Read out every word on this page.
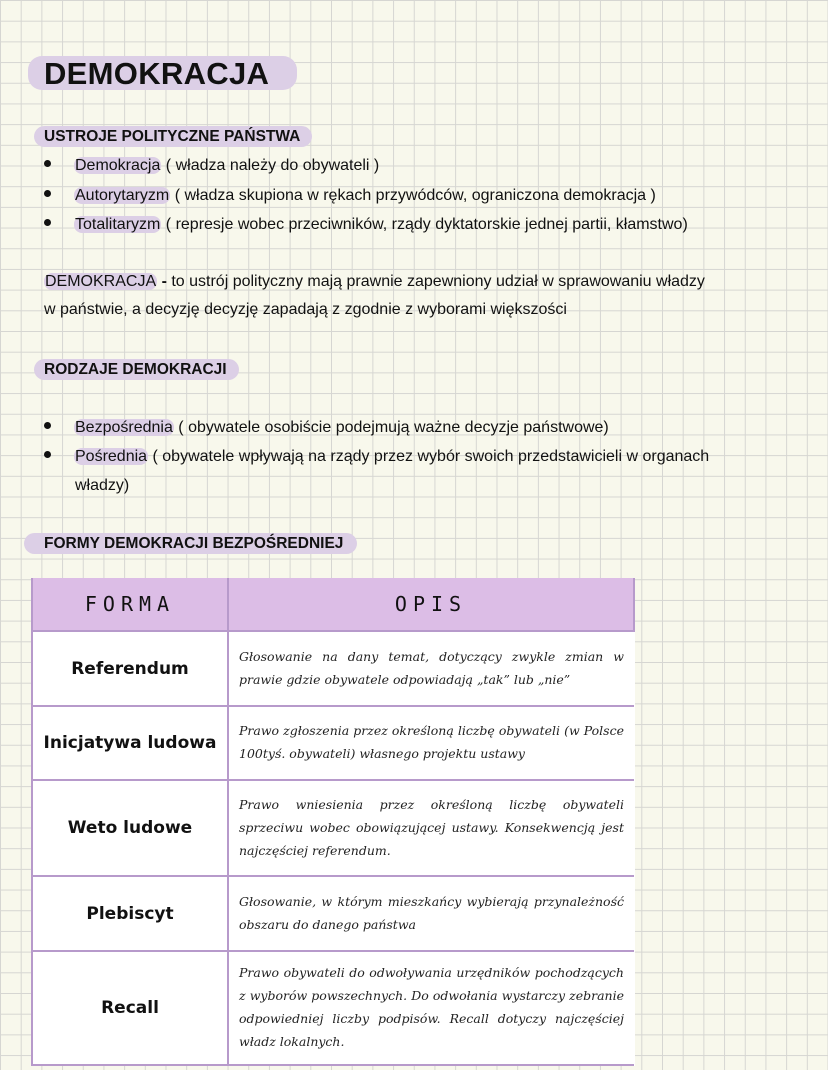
DEMOKRACJA
USTROJE POLITYCZNE PAŃSTWA
Demokracja ( władza należy do obywateli )
Autorytaryzm ( władza skupiona w rękach przywódców, ograniczona demokracja )
Totalitaryzm ( represje wobec przeciwników, rządy dyktatorskie jednej partii, kłamstwo)
DEMOKRACJA - to ustrój polityczny mają prawnie zapewniony udział w sprawowaniu władzy
w państwie, a decyzję decyzję zapadają z zgodnie z wyborami większości
RODZAJE DEMOKRACJI
Bezpośrednia ( obywatele osobiście podejmują ważne decyzje państwowe)
Pośrednia ( obywatele wpływają na rządy przez wybór swoich przedstawicieli w organach
władzy)
FORMY DEMOKRACJI BEZPOŚREDNIEJ
FORMA	OPIS
Referendum	Głosowanie na dany temat, dotyczący zwykle zmian w prawie gdzie obywatele odpowiadają „tak” lub „nie”
Inicjatywa ludowa	Prawo zgłoszenia przez określoną liczbę obywateli (w Polsce 100tyś. obywateli) własnego projektu ustawy
Weto ludowe	Prawo wniesienia przez określoną liczbę obywateli sprzeciwu wobec obowiązującej ustawy. Konsekwencją jest najczęściej referendum.
Plebiscyt	Głosowanie, w którym mieszkańcy wybierają przynależność obszaru do danego państwa
Recall	Prawo obywateli do odwoływania urzędników pochodzących z wyborów powszechnych. Do odwołania wystarczy zebranie odpowiedniej liczby podpisów. Recall dotyczy najczęściej władz lokalnych.
